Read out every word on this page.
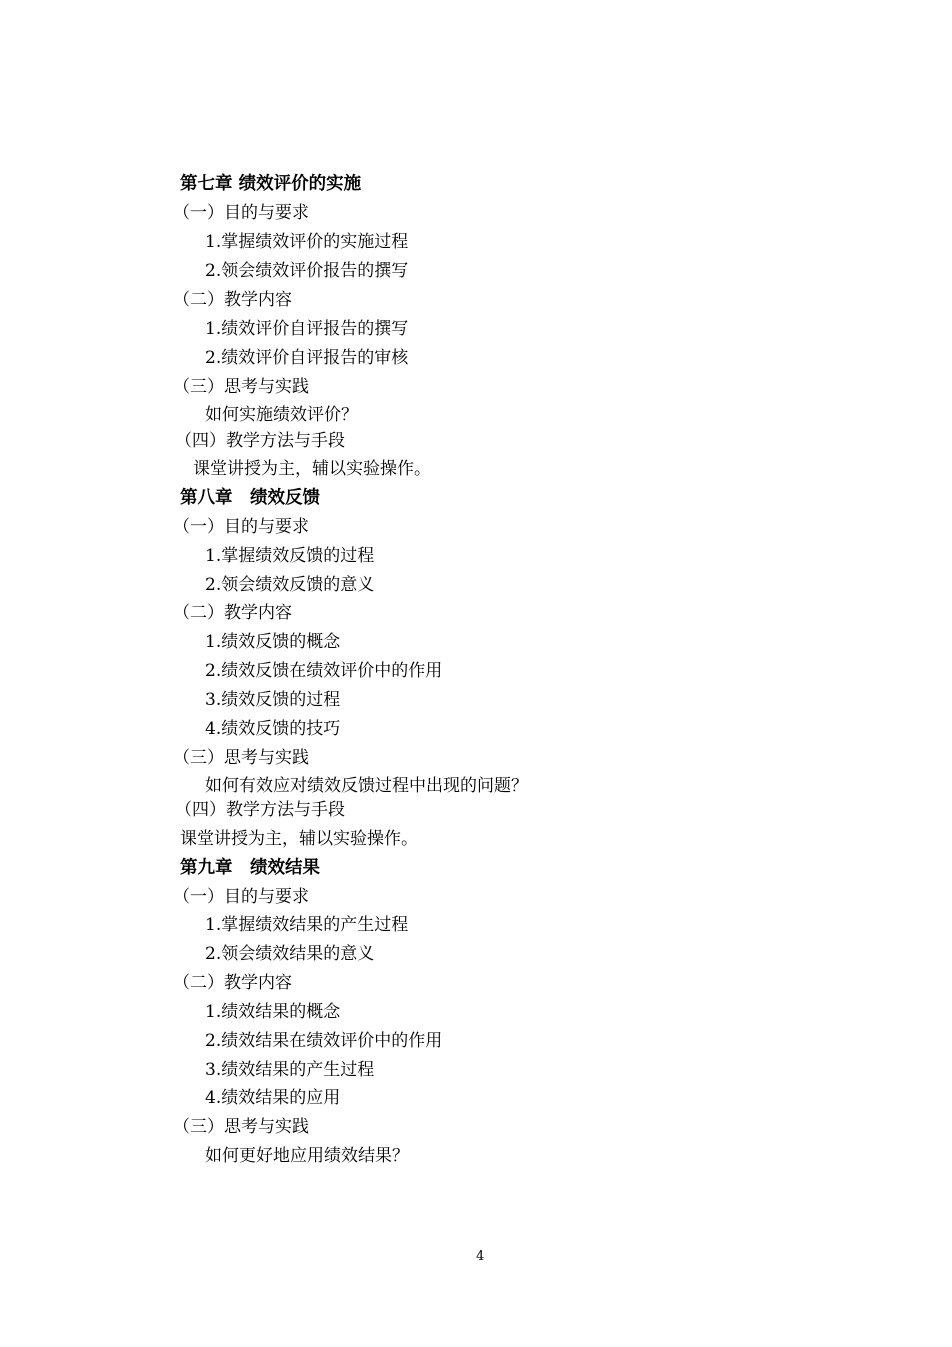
第七章 绩效评价的实施
（一）目的与要求
1.掌握绩效评价的实施过程
2.领会绩效评价报告的撰写
（二）教学内容
1.绩效评价自评报告的撰写
2.绩效评价自评报告的审核
（三）思考与实践
如何实施绩效评价？
（四）教学方法与手段
课堂讲授为主，辅以实验操作。
第八章　绩效反馈
（一）目的与要求
1.掌握绩效反馈的过程
2.领会绩效反馈的意义
（二）教学内容
1.绩效反馈的概念
2.绩效反馈在绩效评价中的作用
3.绩效反馈的过程
4.绩效反馈的技巧
（三）思考与实践
如何有效应对绩效反馈过程中出现的问题？
（四）教学方法与手段
课堂讲授为主，辅以实验操作。
第九章　绩效结果
（一）目的与要求
1.掌握绩效结果的产生过程
2.领会绩效结果的意义
（二）教学内容
1.绩效结果的概念
2.绩效结果在绩效评价中的作用
3.绩效结果的产生过程
4.绩效结果的应用
（三）思考与实践
如何更好地应用绩效结果？
4
